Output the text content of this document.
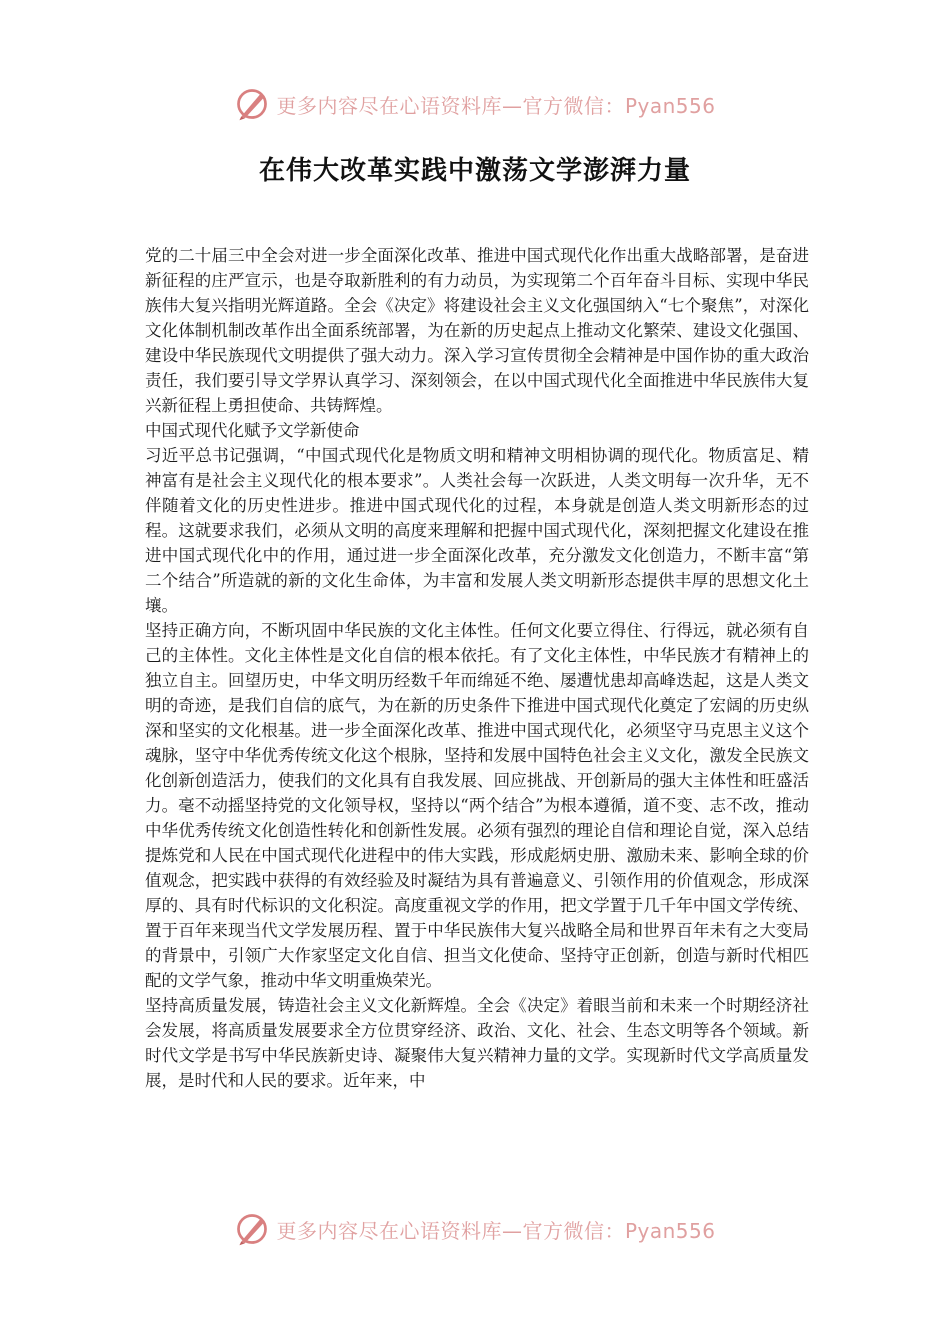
更多内容尽在心语资料库—官方微信：Pyan556
在伟大改革实践中激荡文学澎湃力量

党的二十届三中全会对进一步全面深化改革、推进中国式现代化作出重大战略部署，是奋进新征程的庄严宣示，也是夺取新胜利的有力动员，为实现第二个百年奋斗目标、实现中华民族伟大复兴指明光辉道路。全会《决定》将建设社会主义文化强国纳入“七个聚焦”，对深化文化体制机制改革作出全面系统部署，为在新的历史起点上推动文化繁荣、建设文化强国、建设中华民族现代文明提供了强大动力。深入学习宣传贯彻全会精神是中国作协的重大政治责任，我们要引导文学界认真学习、深刻领会，在以中国式现代化全面推进中华民族伟大复兴新征程上勇担使命、共铸辉煌。

中国式现代化赋予文学新使命

习近平总书记强调，“中国式现代化是物质文明和精神文明相协调的现代化。物质富足、精神富有是社会主义现代化的根本要求”。人类社会每一次跃进，人类文明每一次升华，无不伴随着文化的历史性进步。推进中国式现代化的过程，本身就是创造人类文明新形态的过程。这就要求我们，必须从文明的高度来理解和把握中国式现代化，深刻把握文化建设在推进中国式现代化中的作用，通过进一步全面深化改革，充分激发文化创造力，不断丰富“第二个结合”所造就的新的文化生命体，为丰富和发展人类文明新形态提供丰厚的思想文化土壤。

坚持正确方向，不断巩固中华民族的文化主体性。任何文化要立得住、行得远，就必须有自己的主体性。文化主体性是文化自信的根本依托。有了文化主体性，中华民族才有精神上的独立自主。回望历史，中华文明历经数千年而绵延不绝、屡遭忧患却高峰迭起，这是人类文明的奇迹，是我们自信的底气，为在新的历史条件下推进中国式现代化奠定了宏阔的历史纵深和坚实的文化根基。进一步全面深化改革、推进中国式现代化，必须坚守马克思主义这个魂脉，坚守中华优秀传统文化这个根脉，坚持和发展中国特色社会主义文化，激发全民族文化创新创造活力，使我们的文化具有自我发展、回应挑战、开创新局的强大主体性和旺盛活力。毫不动摇坚持党的文化领导权，坚持以“两个结合”为根本遵循，道不变、志不改，推动中华优秀传统文化创造性转化和创新性发展。必须有强烈的理论自信和理论自觉，深入总结提炼党和人民在中国式现代化进程中的伟大实践，形成彪炳史册、激励未来、影响全球的价值观念，把实践中获得的有效经验及时凝结为具有普遍意义、引领作用的价值观念，形成深厚的、具有时代标识的文化积淀。高度重视文学的作用，把文学置于几千年中国文学传统、置于百年来现当代文学发展历程、置于中华民族伟大复兴战略全局和世界百年未有之大变局的背景中，引领广大作家坚定文化自信、担当文化使命、坚持守正创新，创造与新时代相匹配的文学气象，推动中华文明重焕荣光。

坚持高质量发展，铸造社会主义文化新辉煌。全会《决定》着眼当前和未来一个时期经济社会发展，将高质量发展要求全方位贯穿经济、政治、文化、社会、生态文明等各个领域。新时代文学是书写中华民族新史诗、凝聚伟大复兴精神力量的文学。实现新时代文学高质量发展，是时代和人民的要求。近年来，中

更多内容尽在心语资料库—官方微信：Pyan556
